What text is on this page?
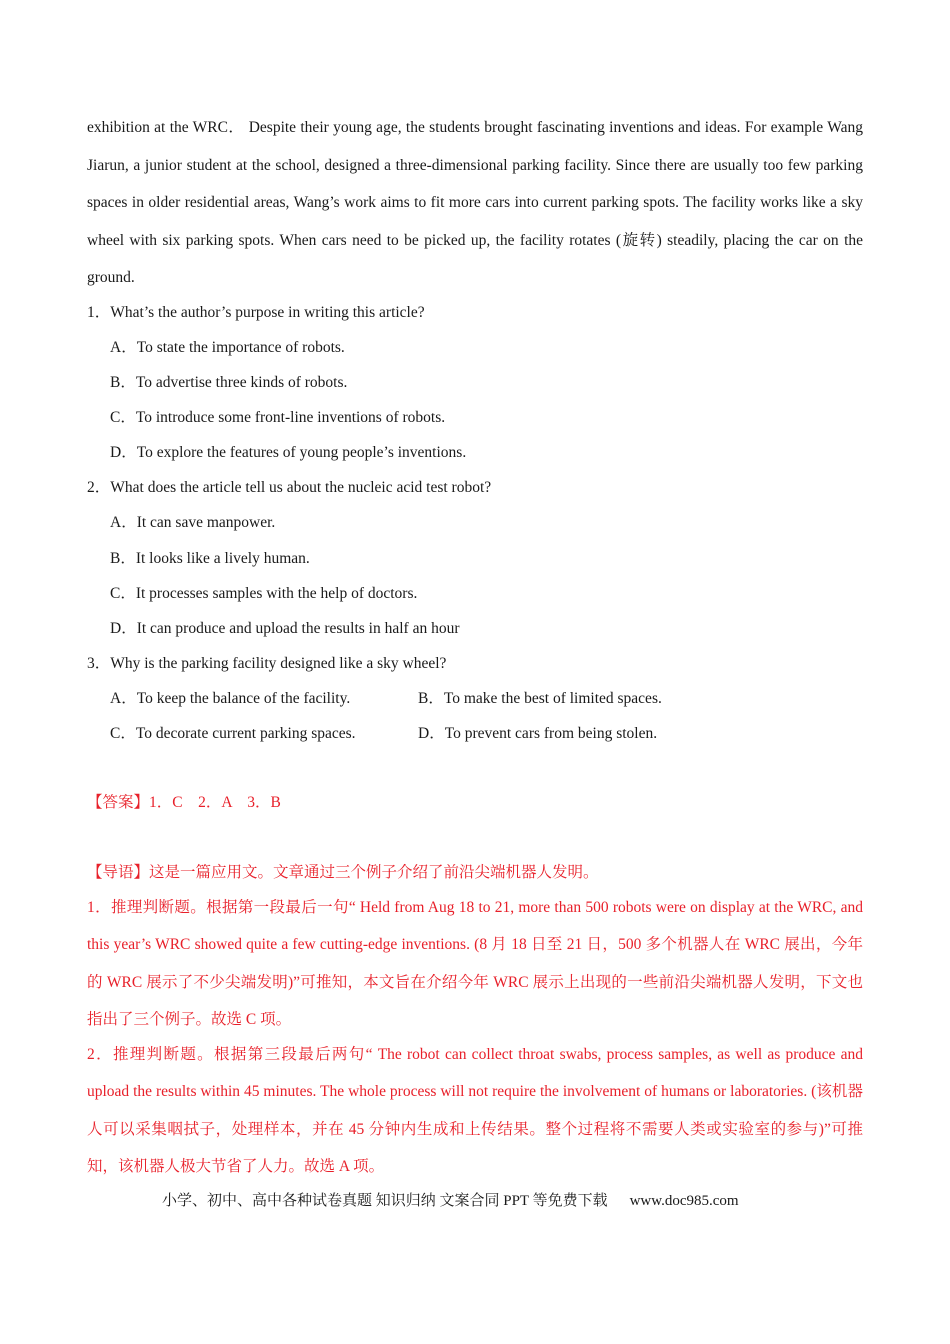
exhibition at the WRC． Despite their young age, the students brought fascinating inventions and ideas. For example Wang Jiarun, a junior student at the school, designed a three-dimensional parking facility. Since there are usually too few parking spaces in older residential areas, Wang’s work aims to fit more cars into current parking spots. The facility works like a sky wheel with six parking spots. When cars need to be picked up, the facility rotates (旋转) steadily, placing the car on the ground.
1．What’s the author’s purpose in writing this article?
A．To state the importance of robots.
B．To advertise three kinds of robots.
C．To introduce some front-line inventions of robots.
D．To explore the features of young people’s inventions.
2．What does the article tell us about the nucleic acid test robot?
A．It can save manpower.
B．It looks like a lively human.
C．It processes samples with the help of doctors.
D．It can produce and upload the results in half an hour
3．Why is the parking facility designed like a sky wheel?
A．To keep the balance of the facility.	B．To make the best of limited spaces.
C．To decorate current parking spaces.	D．To prevent cars from being stolen.
【答案】1．C　2．A　3．B
【导语】这是一篇应用文。文章通过三个例子介绍了前沿尖端机器人发明。
1．推理判断题。根据第一段最后一句“ Held from Aug 18 to 21, more than 500 robots were on display at the WRC, and this year’s WRC showed quite a few cutting-edge inventions. (8 月 18 日至 21 日，500 多个机器人在 WRC 展出，今年的 WRC 展示了不少尖端发明)”可推知，本文旨在介绍今年 WRC 展示上出现的一些前沿尖端机器人发明，下文也指出了三个例子。故选 C 项。
2．推理判断题。根据第三段最后两句“ The robot can collect throat swabs, process samples, as well as produce and upload the results within 45 minutes. The whole process will not require the involvement of humans or laboratories. (该机器人可以采集咽拭子，处理样本，并在 45 分钟内生成和上传结果。整个过程将不需要人类或实验室的参与)”可推知，该机器人极大节省了人力。故选 A 项。
小学、初中、高中各种试卷真题 知识归纳 文案合同 PPT 等免费下载 www.doc985.com
